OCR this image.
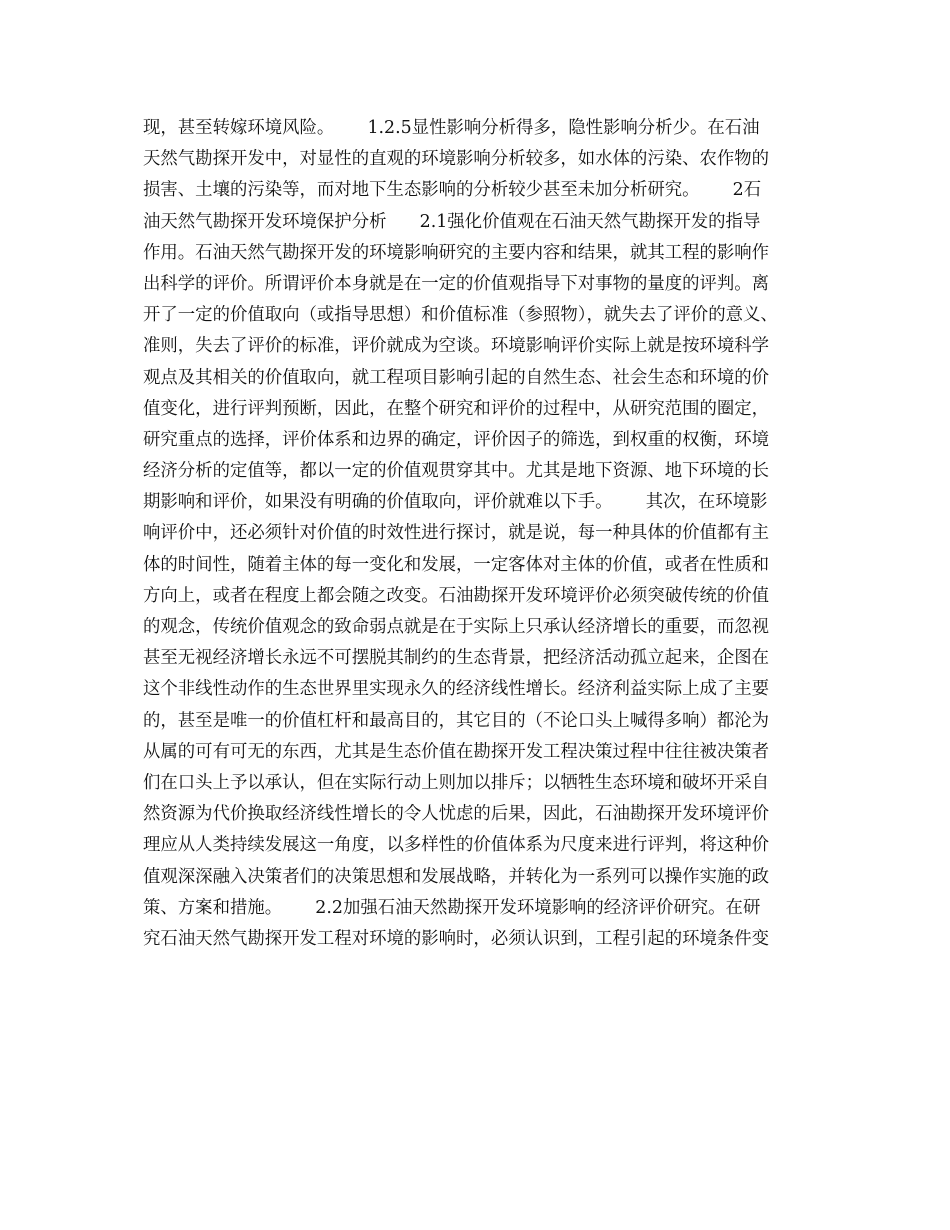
现，甚至转嫁环境风险。      1.2.5显性影响分析得多，隐性影响分析少。在石油
天然气勘探开发中，对显性的直观的环境影响分析较多，如水体的污染、农作物的
损害、土壤的污染等，而对地下生态影响的分析较少甚至未加分析研究。      2石
油天然气勘探开发环境保护分析      2.1强化价值观在石油天然气勘探开发的指导
作用。石油天然气勘探开发的环境影响研究的主要内容和结果，就其工程的影响作
出科学的评价。所谓评价本身就是在一定的价值观指导下对事物的量度的评判。离
开了一定的价值取向（或指导思想）和价值标准（参照物），就失去了评价的意义、
准则，失去了评价的标准，评价就成为空谈。环境影响评价实际上就是按环境科学
观点及其相关的价值取向，就工程项目影响引起的自然生态、社会生态和环境的价
值变化，进行评判预断，因此，在整个研究和评价的过程中，从研究范围的圈定，
研究重点的选择，评价体系和边界的确定，评价因子的筛选，到权重的权衡，环境
经济分析的定值等，都以一定的价值观贯穿其中。尤其是地下资源、地下环境的长
期影响和评价，如果没有明确的价值取向，评价就难以下手。      其次，在环境影
响评价中，还必须针对价值的时效性进行探讨，就是说，每一种具体的价值都有主
体的时间性，随着主体的每一变化和发展，一定客体对主体的价值，或者在性质和
方向上，或者在程度上都会随之改变。石油勘探开发环境评价必须突破传统的价值
的观念，传统价值观念的致命弱点就是在于实际上只承认经济增长的重要，而忽视
甚至无视经济增长永远不可摆脱其制约的生态背景，把经济活动孤立起来，企图在
这个非线性动作的生态世界里实现永久的经济线性增长。经济利益实际上成了主要
的，甚至是唯一的价值杠杆和最高目的，其它目的（不论口头上喊得多响）都沦为
从属的可有可无的东西，尤其是生态价值在勘探开发工程决策过程中往往被决策者
们在口头上予以承认，但在实际行动上则加以排斥；以牺牲生态环境和破坏开采自
然资源为代价换取经济线性增长的令人忧虑的后果，因此，石油勘探开发环境评价
理应从人类持续发展这一角度，以多样性的价值体系为尺度来进行评判，将这种价
值观深深融入决策者们的决策思想和发展战略，并转化为一系列可以操作实施的政
策、方案和措施。      2.2加强石油天然勘探开发环境影响的经济评价研究。在研
究石油天然气勘探开发工程对环境的影响时，必须认识到，工程引起的环境条件变
